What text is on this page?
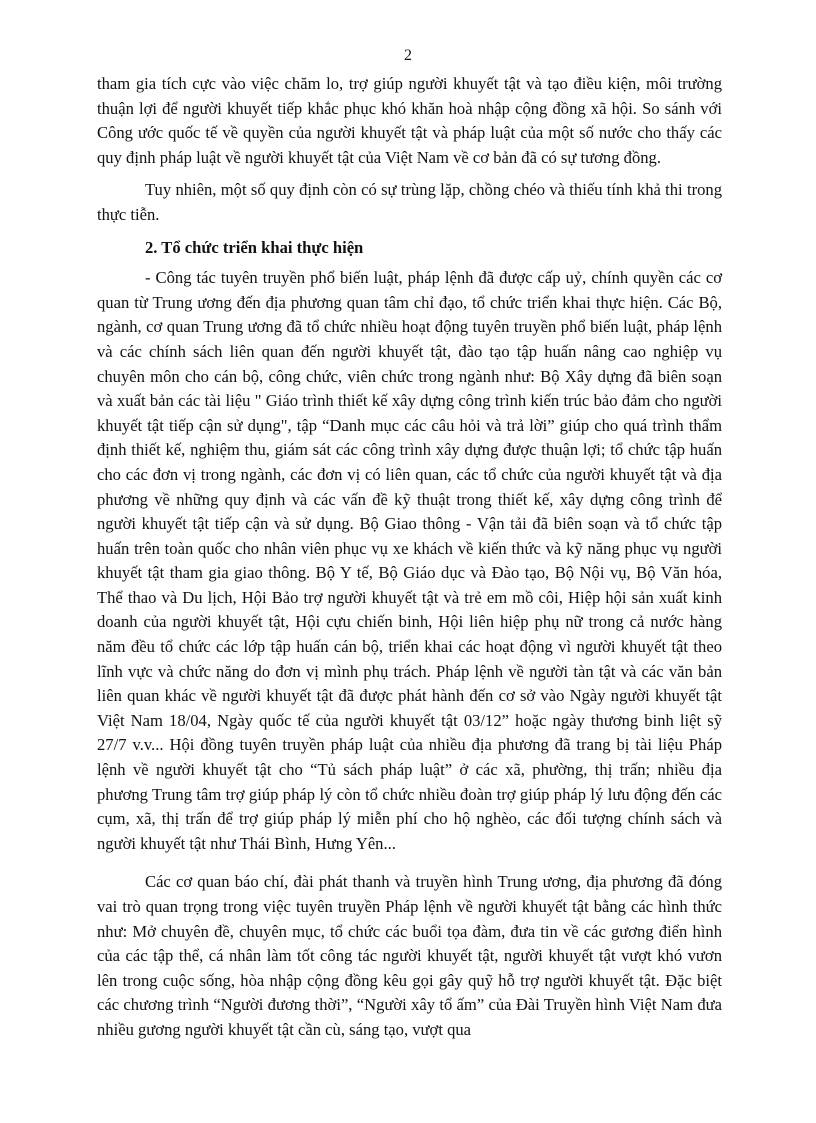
2

tham gia tích cực vào việc chăm lo, trợ giúp người khuyết tật và tạo điều kiện, môi trường thuận lợi để người khuyết tiếp khắc phục khó khăn hoà nhập cộng đồng xã hội. So sánh với Công ước quốc tế về quyền của người khuyết tật và pháp luật của một số nước cho thấy các quy định pháp luật về người khuyết tật của Việt Nam về cơ bản đã có sự tương đồng.

Tuy nhiên, một số quy định còn có sự trùng lặp, chồng chéo và thiếu tính khả thi trong thực tiễn.

2. Tổ chức triển khai thực hiện

- Công tác tuyên truyền phổ biến luật, pháp lệnh đã được cấp uỷ, chính quyền các cơ quan từ Trung ương đến địa phương quan tâm chỉ đạo, tổ chức triển khai thực hiện. Các Bộ, ngành, cơ quan Trung ương đã tổ chức nhiều hoạt động tuyên truyền phổ biến luật, pháp lệnh và các chính sách liên quan đến người khuyết tật, đào tạo tập huấn nâng cao nghiệp vụ chuyên môn cho cán bộ, công chức, viên chức trong ngành như: Bộ Xây dựng đã biên soạn và xuất bản các tài liệu " Giáo trình thiết kế xây dựng công trình kiến trúc bảo đảm cho người khuyết tật tiếp cận sử dụng", tập “Danh mục các câu hỏi và trả lời” giúp cho quá trình thẩm định thiết kế, nghiệm thu, giám sát các công trình xây dựng được thuận lợi; tổ chức tập huấn cho các đơn vị trong ngành, các đơn vị có liên quan, các tổ chức của người khuyết tật và địa phương về những quy định và các vấn đề kỹ thuật trong thiết kế, xây dựng công trình để người khuyết tật tiếp cận và sử dụng. Bộ Giao thông - Vận tải đã biên soạn và tổ chức tập huấn trên toàn quốc cho nhân viên phục vụ xe khách về kiến thức và kỹ năng phục vụ người khuyết tật tham gia giao thông. Bộ Y tế, Bộ Giáo dục và Đào tạo, Bộ Nội vụ, Bộ Văn hóa, Thể thao và Du lịch, Hội Bảo trợ người khuyết tật và trẻ em mồ côi, Hiệp hội sản xuất kinh doanh của người khuyết tật, Hội cựu chiến binh, Hội liên hiệp phụ nữ trong cả nước hàng năm đều tổ chức các lớp tập huấn cán bộ, triển khai các hoạt động vì người khuyết tật theo lĩnh vực và chức năng do đơn vị mình phụ trách. Pháp lệnh về người tàn tật và các văn bản liên quan khác về người khuyết tật đã được phát hành đến cơ sở vào Ngày người khuyết tật Việt Nam 18/04, Ngày quốc tế của người khuyết tật 03/12” hoặc ngày thương binh liệt sỹ 27/7 v.v... Hội đồng tuyên truyền pháp luật của nhiều địa phương đã trang bị tài liệu Pháp lệnh về người khuyết tật cho “Tủ sách pháp luật” ở các xã, phường, thị trấn; nhiều địa phương Trung tâm trợ giúp pháp lý còn tổ chức nhiều đoàn trợ giúp pháp lý lưu động đến các cụm, xã, thị trấn để trợ giúp pháp lý miễn phí cho hộ nghèo, các đối tượng chính sách và người khuyết tật như Thái Bình, Hưng Yên...

Các cơ quan báo chí, đài phát thanh và truyền hình Trung ương, địa phương đã đóng vai trò quan trọng trong việc tuyên truyền Pháp lệnh về người khuyết tật bằng các hình thức như: Mở chuyên đề, chuyên mục, tổ chức các buổi tọa đàm, đưa tin về các gương điển hình của các tập thể, cá nhân làm tốt công tác người khuyết tật, người khuyết tật vượt khó vươn lên trong cuộc sống, hòa nhập cộng đồng kêu gọi gây quỹ hỗ trợ người khuyết tật. Đặc biệt các chương trình “Người đương thời”, “Người xây tổ ấm” của Đài Truyền hình Việt Nam đưa nhiều gương người khuyết tật cần cù, sáng tạo, vượt qua
